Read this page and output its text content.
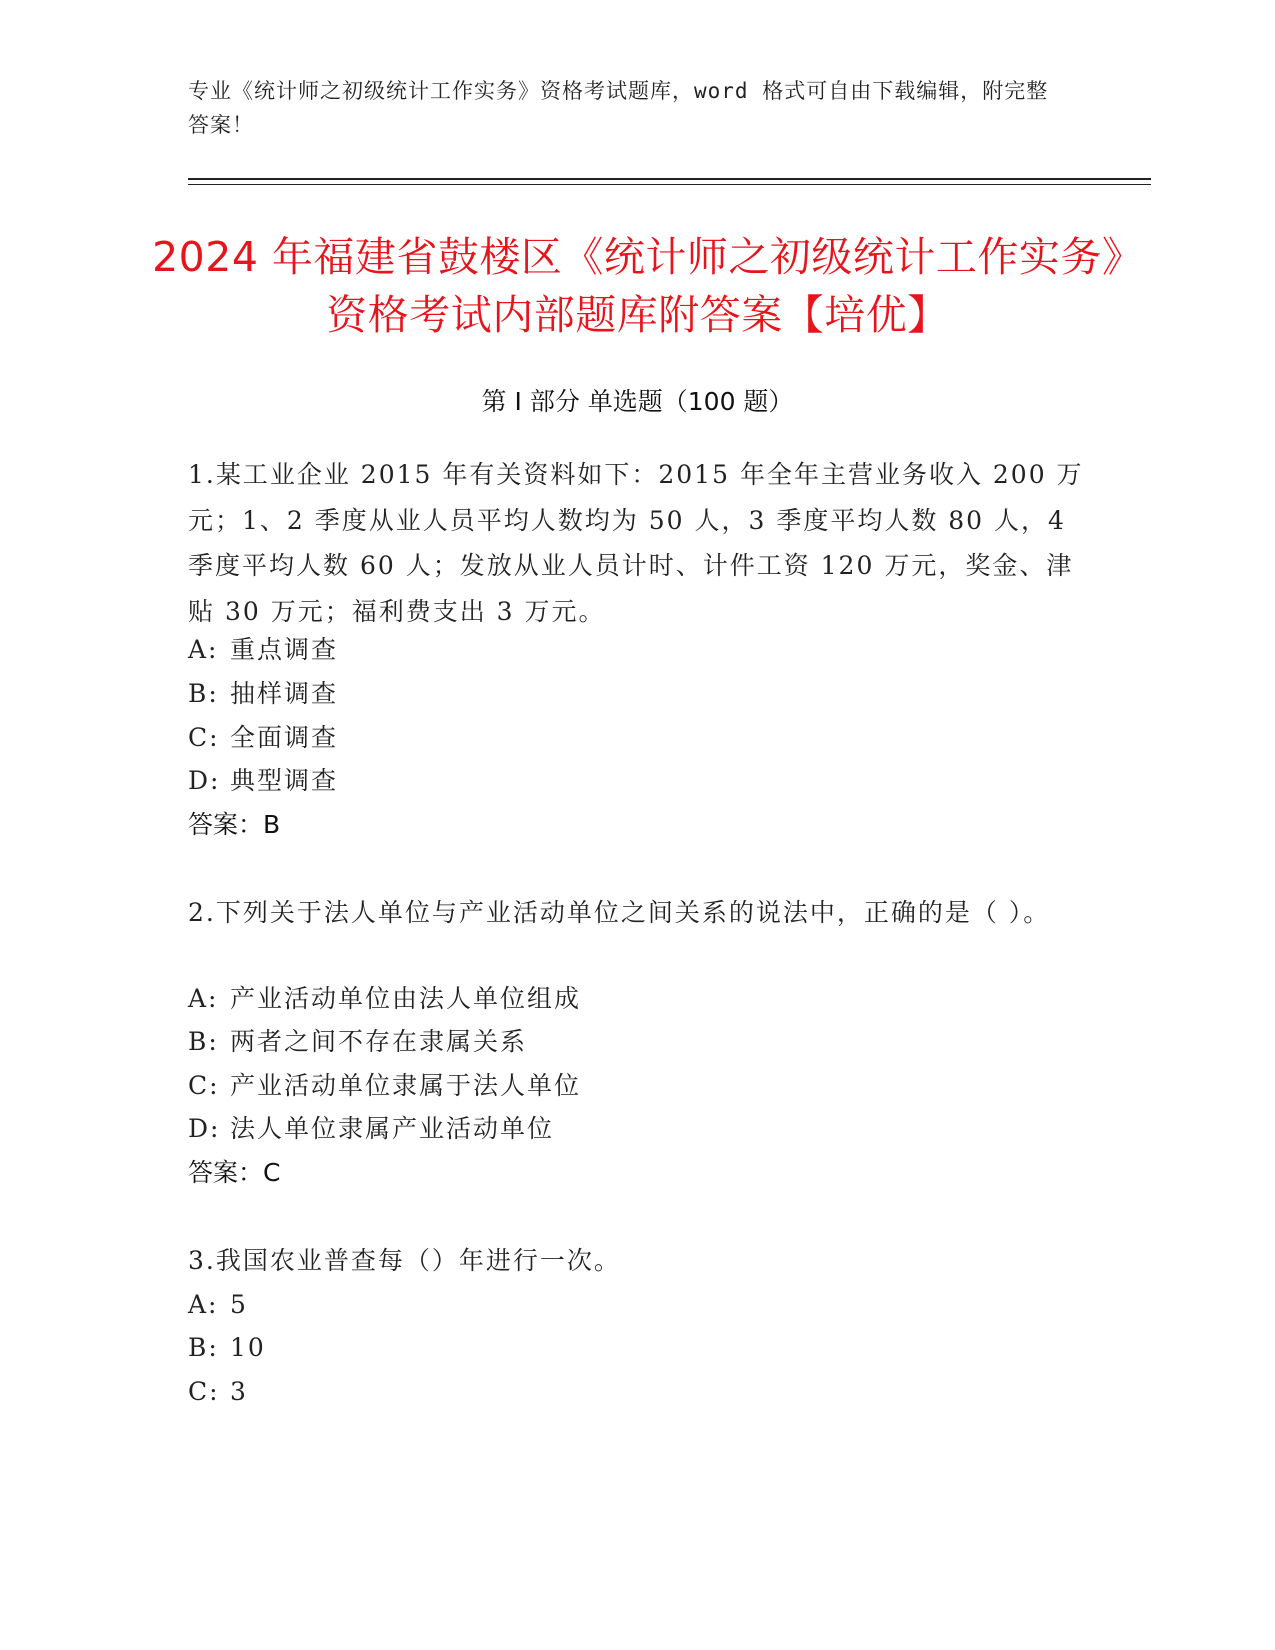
专业《统计师之初级统计工作实务》资格考试题库，word 格式可自由下载编辑，附完整答案！
2024 年福建省鼓楼区《统计师之初级统计工作实务》资格考试内部题库附答案【培优】
第 I 部分 单选题（100 题）
1.某工业企业 2015 年有关资料如下：2015 年全年主营业务收入 200 万元；1、2 季度从业人员平均人数均为 50 人，3 季度平均人数 80 人，4 季度平均人数 60 人；发放从业人员计时、计件工资 120 万元，奖金、津贴 30 万元；福利费支出 3 万元。
A: 重点调查
B: 抽样调查
C: 全面调查
D: 典型调查
答案：B
2.下列关于法人单位与产业活动单位之间关系的说法中，正确的是（ ）。
A: 产业活动单位由法人单位组成
B: 两者之间不存在隶属关系
C: 产业活动单位隶属于法人单位
D: 法人单位隶属产业活动单位
答案：C
3.我国农业普查每（）年进行一次。
A: 5
B: 10
C: 3
